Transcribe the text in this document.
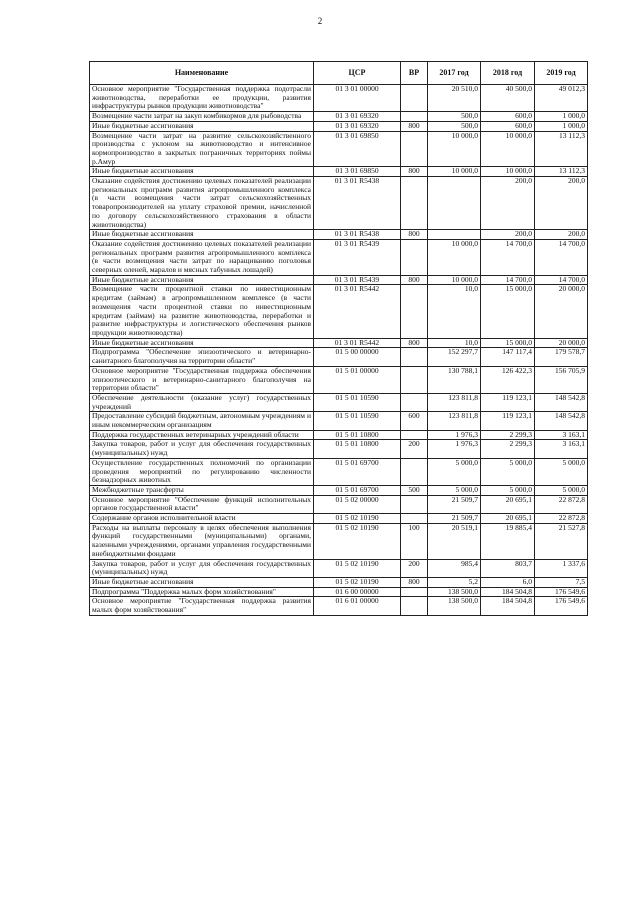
2
Наименование	ЦСР	ВР	2017 год	2018 год	2019 год
Основное мероприятие "Государственная поддержка подотрасли животноводства, переработки ее продукции, развития инфраструктуры рынков продукции животноводства"	01 3 01 00000		20 510,0	40 500,0	49 012,3
Возмещение части затрат на закуп комбикормов для рыбоводства	01 3 01 69320		500,0	600,0	1 000,0
Иные бюджетные ассигнования	01 3 01 69320	800	500,0	600,0	1 000,0
Возмещение части затрат на развитие сельскохозяйственного производства с уклоном на животноводство и интенсивное кормопроизводство в закрытых пограничных территориях поймы р.Амур	01 3 01 69850		10 000,0	10 000,0	13 112,3
Иные бюджетные ассигнования	01 3 01 69850	800	10 000,0	10 000,0	13 112,3
Оказание содействия достижению целевых показателей реализации региональных программ развития агропромышленного комплекса (в части возмещения части затрат сельскохозяйственных товаропроизводителей на уплату страховой премии, начисленной по договору сельскохозяйственного страхования в области животноводства)	01 3 01 R5438			200,0	200,0
Иные бюджетные ассигнования	01 3 01 R5438	800		200,0	200,0
Оказание содействия достижению целевых показателей реализации региональных программ развития агропромышленного комплекса (в части возмещения части затрат по наращиванию поголовья северных оленей, маралов и мясных табунных лошадей)	01 3 01 R5439		10 000,0	14 700,0	14 700,0
Иные бюджетные ассигнования	01 3 01 R5439	800	10 000,0	14 700,0	14 700,0
Возмещение части процентной ставки по инвестиционным кредитам (займам) в агропромышленном комплексе (в части возмещения части процентной ставки по инвестиционным кредитам (займам) на развитие животноводства, переработки и развитие инфраструктуры и логистического обеспечения рынков продукции животноводства)	01 3 01 R5442		10,0	15 000,0	20 000,0
Иные бюджетные ассигнования	01 3 01 R5442	800	10,0	15 000,0	20 000,0
Подпрограмма "Обеспечение эпизоотического и ветеринарно-санитарного благополучия на территории области"	01 5 00 00000		152 297,7	147 117,4	179 578,7
Основное мероприятие "Государственная поддержка обеспечения эпизоотического и ветеринарно-санитарного благополучия на территории области"	01 5 01 00000		130 788,1	126 422,3	156 705,9
Обеспечение деятельности (оказание услуг) государственных учреждений	01 5 01 10590		123 811,8	119 123,1	148 542,8
Предоставление субсидий бюджетным, автономным учреждениям и иным некоммерческим организациям	01 5 01 10590	600	123 811,8	119 123,1	148 542,8
Поддержка государственных ветеринарных учреждений области	01 5 01 10800		1 976,3	2 299,3	3 163,1
Закупка товаров, работ и услуг для обеспечения государственных (муниципальных) нужд	01 5 01 10800	200	1 976,3	2 299,3	3 163,1
Осуществление государственных полномочий по организации проведения мероприятий по регулированию численности безнадзорных животных	01 5 01 69700		5 000,0	5 000,0	5 000,0
Межбюджетные трансферты	01 5 01 69700	500	5 000,0	5 000,0	5 000,0
Основное мероприятие "Обеспечение функций исполнительных органов государственной власти"	01 5 02 00000		21 509,7	20 695,1	22 872,8
Содержание органов исполнительной власти	01 5 02 10190		21 509,7	20 695,1	22 872,8
Расходы на выплаты персоналу в целях обеспечения выполнения функций государственными (муниципальными) органами, казенными учреждениями, органами управления государственными внебюджетными фондами	01 5 02 10190	100	20 519,1	19 885,4	21 527,8
Закупка товаров, работ и услуг для обеспечения государственных (муниципальных) нужд	01 5 02 10190	200	985,4	803,7	1 337,6
Иные бюджетные ассигнования	01 5 02 10190	800	5,2	6,0	7,5
Подпрограмма "Поддержка малых форм хозяйствования"	01 6 00 00000		138 500,0	184 504,8	176 549,6
Основное мероприятие "Государственная поддержка развития малых форм хозяйствования"	01 6 01 00000		138 500,0	184 504,8	176 549,6
